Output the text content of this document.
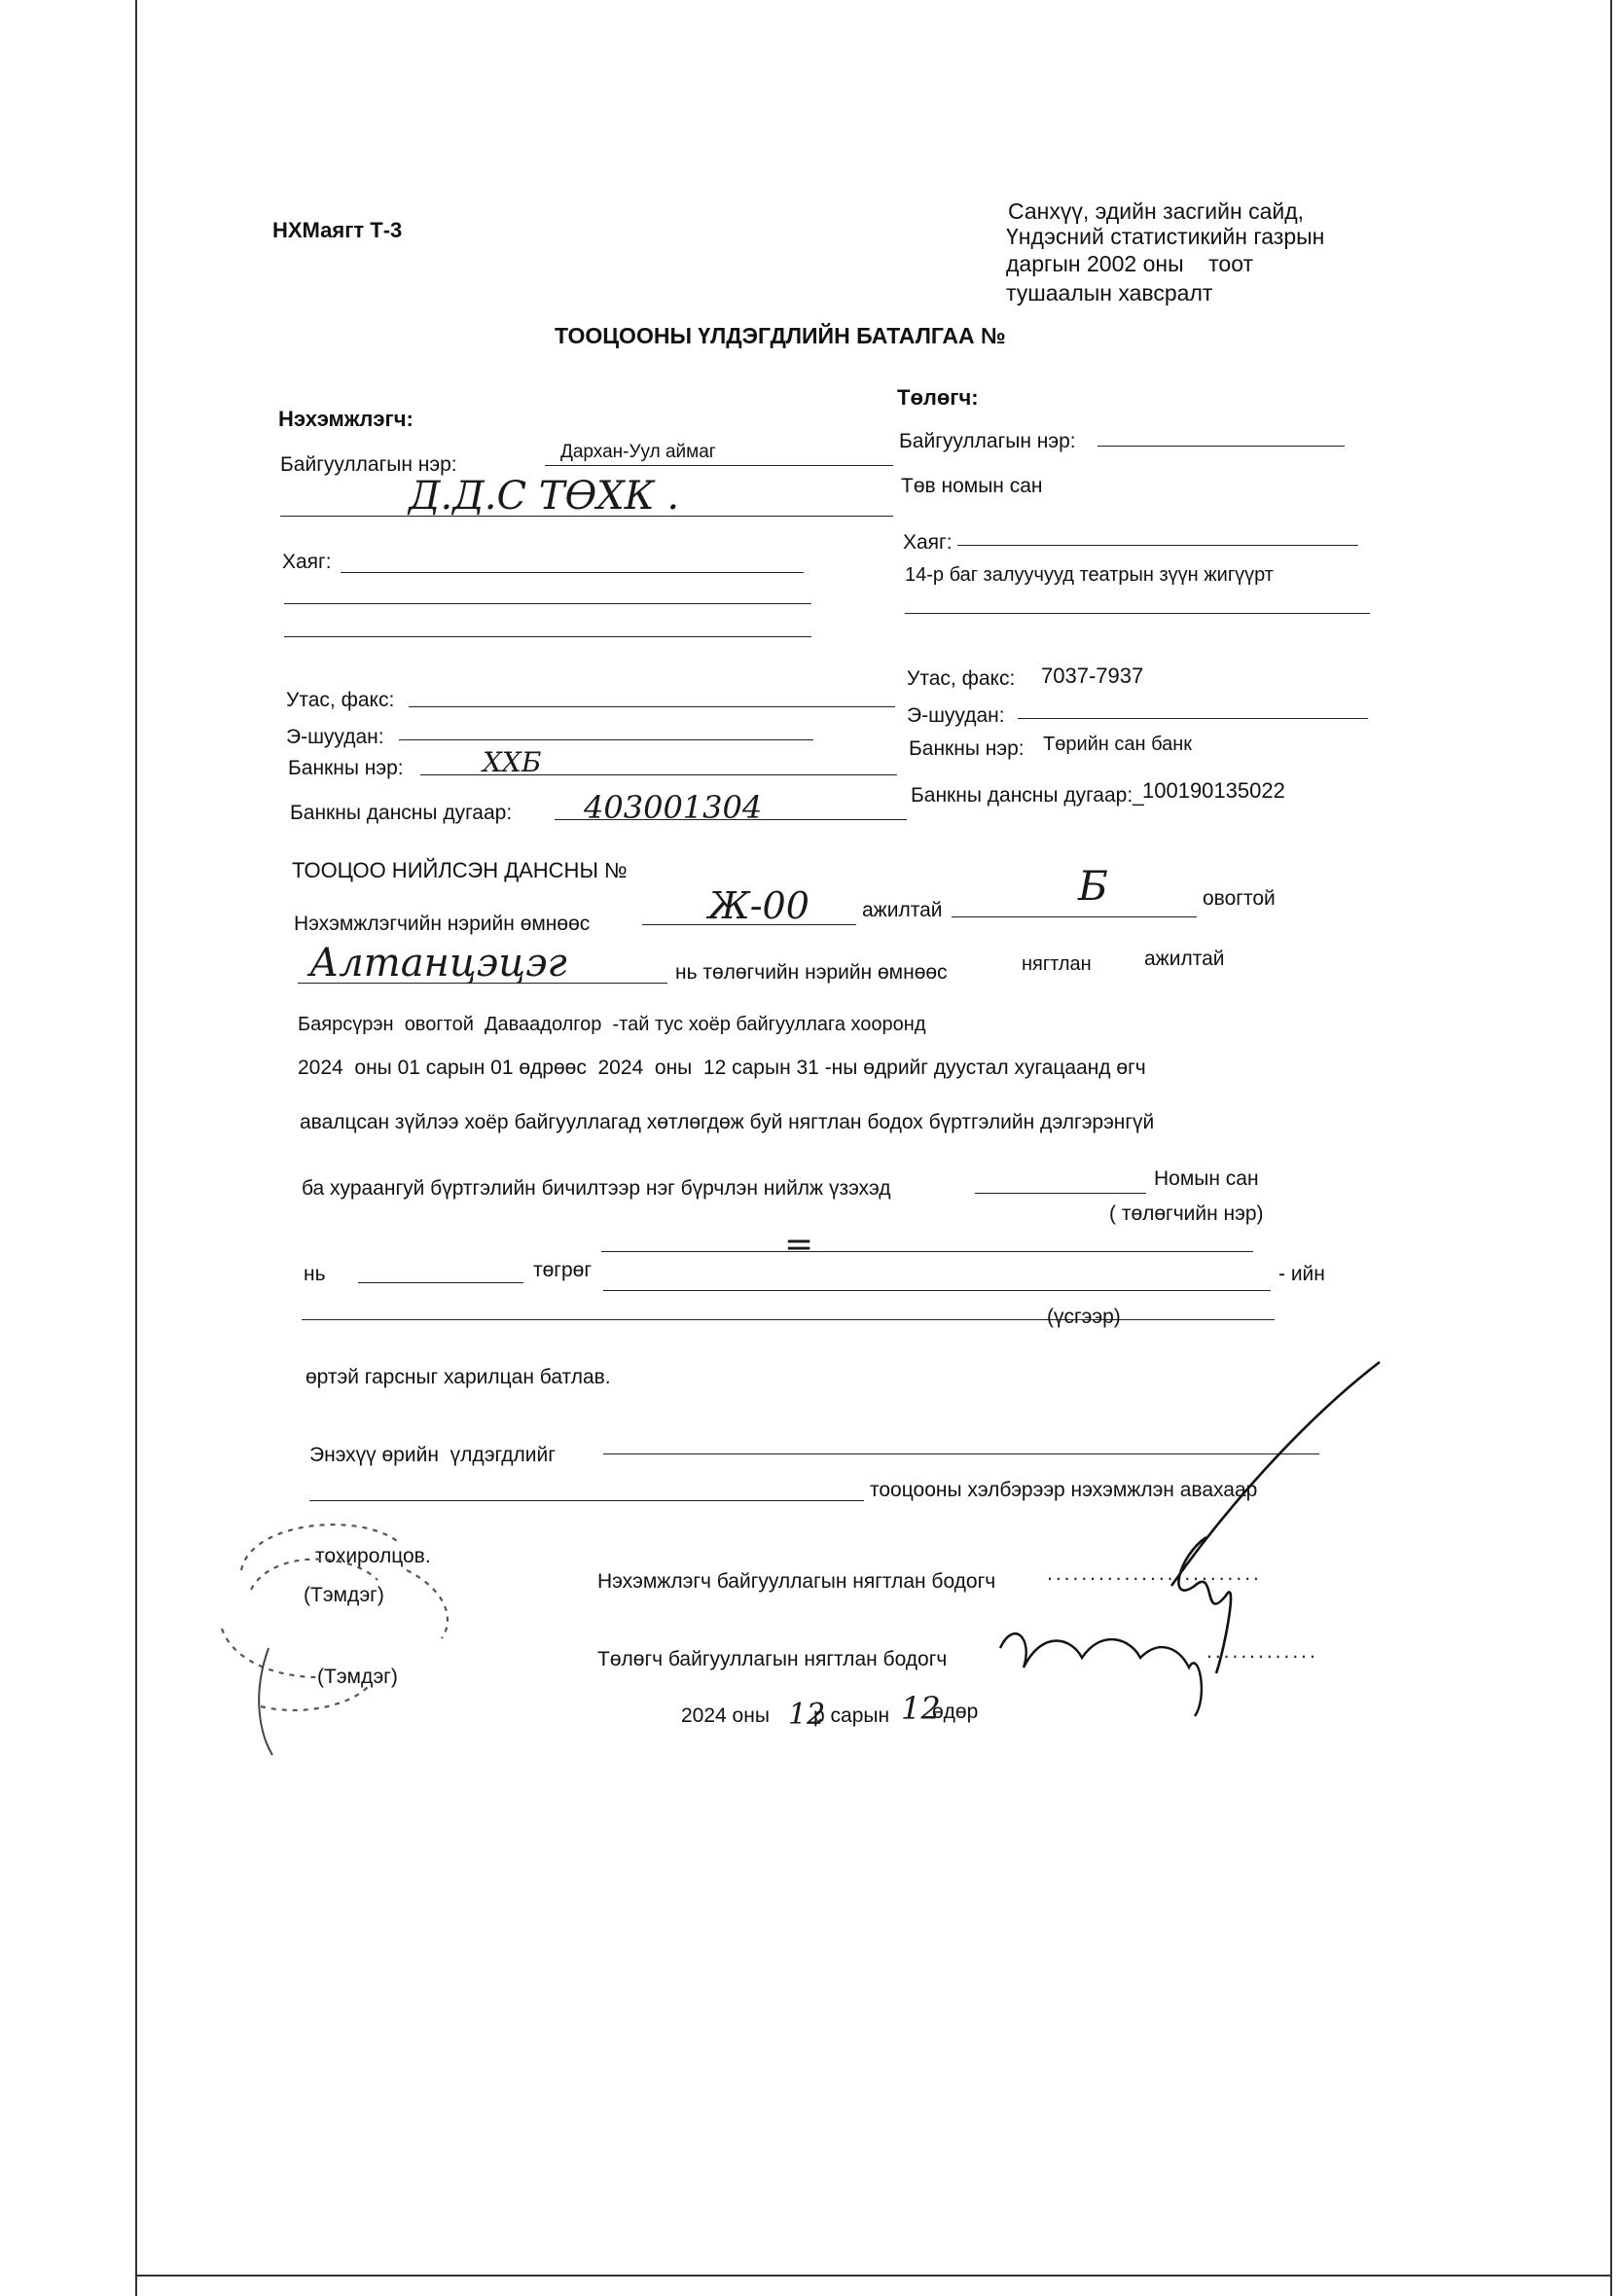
НХМаягт Т-3
Санхүү, эдийн засгийн сайд,
Үндэсний статистикийн газрын
даргын 2002 оны    тоот
тушаалын хавсралт
ТООЦООНЫ ҮЛДЭГДЛИЙН БАТАЛГАА №
Нэхэмжлэгч:
Байгууллагын нэр:
Дархан-Уул аймаг
Д.Д.С ТӨХК .
Хаяг:
Утас, факс:
Э-шуудан:
Банкны нэр:	ХХБ
Банкны дансны дугаар: 403001304
Төлөгч:
Байгууллагын нэр:
Төв номын сан
Хаяг:
14-р баг залуучууд театрын зүүн жигүүрт
Утас, факс: 7037-7937
Э-шуудан:
Банкны нэр: Төрийн сан банк
Банкны дансны дугаар:_
100190135022
ТООЦОО НИЙЛСЭН ДАНСНЫ №
Нэхэмжлэгчийн нэрийн өмнөөс	Ж-00	ажилтай
Б	овогтой
Алтанцэцэг	нь төлөгчийн нэрийн өмнөөс	нягтлан	ажилтай
Баярсүрэн  овогтой  Даваадолгор  -тай тус хоёр байгууллага хооронд
2024  оны 01 сарын 01 өдрөөс  2024  оны  12 сарын 31 -ны өдрийг дуустал хугацаанд өгч
авалцсан зүйлээ хоёр байгууллагад хөтлөгдөж буй нягтлан бодох бүртгэлийн дэлгэрэнгүй
ба хураангуй бүртгэлийн бичилтээр нэг бүрчлэн нийлж үзэхэд	Номын сан
( төлөгчийн нэр)
=
нь	төгрөг	- ийн
(үсгээр)
өртэй гарсныг харилцан батлав.
Энэхүү өрийн  үлдэгдлийг
тооцооны хэлбэрээр нэхэмжлэн авахаар
тохиролцов.
(Тэмдэг)
(Тэмдэг)
Нэхэмжлэгч байгууллагын нягтлан бодогч	.........................
Төлөгч байгууллагын нягтлан бодогч	.............
2024 оны 12
р сарын 12
өдөр
